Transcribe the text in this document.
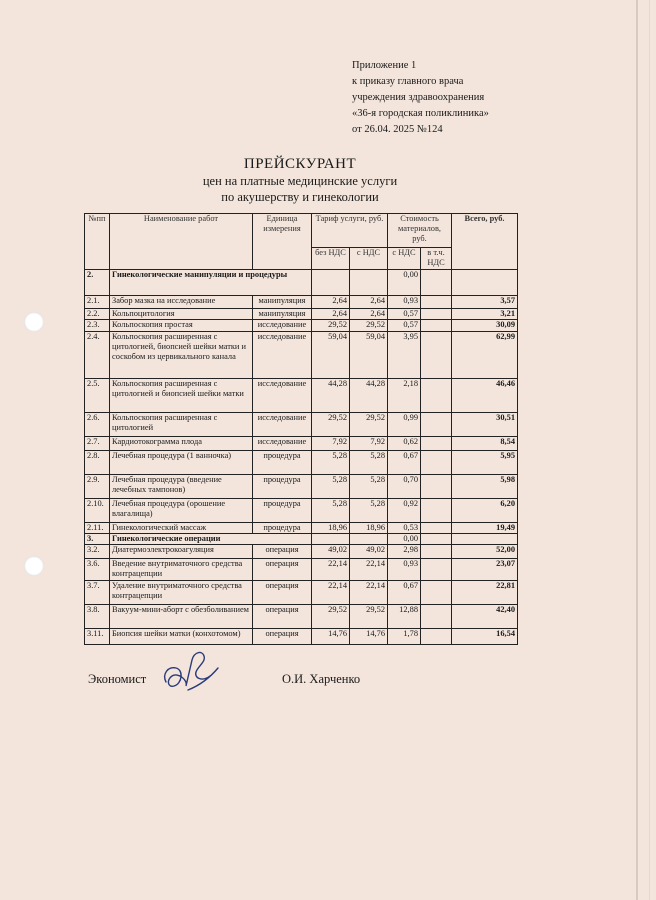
Приложение 1
к приказу главного врача
учреждения здравоохранения
«36-я городская поликлиника»
от 26.04. 2025 №124
ПРЕЙСКУРАНТ
цен на платные медицинские услуги
по акушерству и гинекологии
№пп	Наименование работ	Единица измерения	Тариф услуги, руб.		Стоимость материалов, руб.		Всего, руб.
			без НДС	с НДС	с НДС	в т.ч. НДС	
2.	Гинекологические манипуляции и процедуры				0,00		
2.1.	Забор мазка на исследование	манипуляция	2,64	2,64	0,93		3,57
2.2.	Кольпоцитология	манипуляция	2,64	2,64	0,57		3,21
2.3.	Кольпоскопия простая	исследование	29,52	29,52	0,57		30,09
2.4.	Кольпоскопия расширенная с цитологией, биопсией шейки матки и соскобом из цервикального канала	исследование	59,04	59,04	3,95		62,99
2.5.	Кольпоскопия расширенная с цитологией и биопсией шейки матки	исследование	44,28	44,28	2,18		46,46
2.6.	Кольпоскопия расширенная с цитологией	исследование	29,52	29,52	0,99		30,51
2.7.	Кардиотокограмма плода	исследование	7,92	7,92	0,62		8,54
2.8.	Лечебная процедура (1 ванночка)	процедура	5,28	5,28	0,67		5,95
2.9.	Лечебная процедура (введение лечебных тампонов)	процедура	5,28	5,28	0,70		5,98
2.10.	Лечебная процедура (орошение влагалища)	процедура	5,28	5,28	0,92		6,20
2.11.	Гинекологический массаж	процедура	18,96	18,96	0,53		19,49
3.	Гинекологические операции				0,00		
3.2.	Диатермоэлектрокоагуляция	операция	49,02	49,02	2,98		52,00
3.6.	Введение внутриматочного средства контрацепции	операция	22,14	22,14	0,93		23,07
3.7.	Удаление внутриматочного средства контрацепции	операция	22,14	22,14	0,67		22,81
3.8.	Вакуум-мини-аборт с обезболиванием	операция	29,52	29,52	12,88		42,40
3.11.	Биопсия шейки матки (конхотомом)	операция	14,76	14,76	1,78		16,54
Экономист	О.И. Харченко
